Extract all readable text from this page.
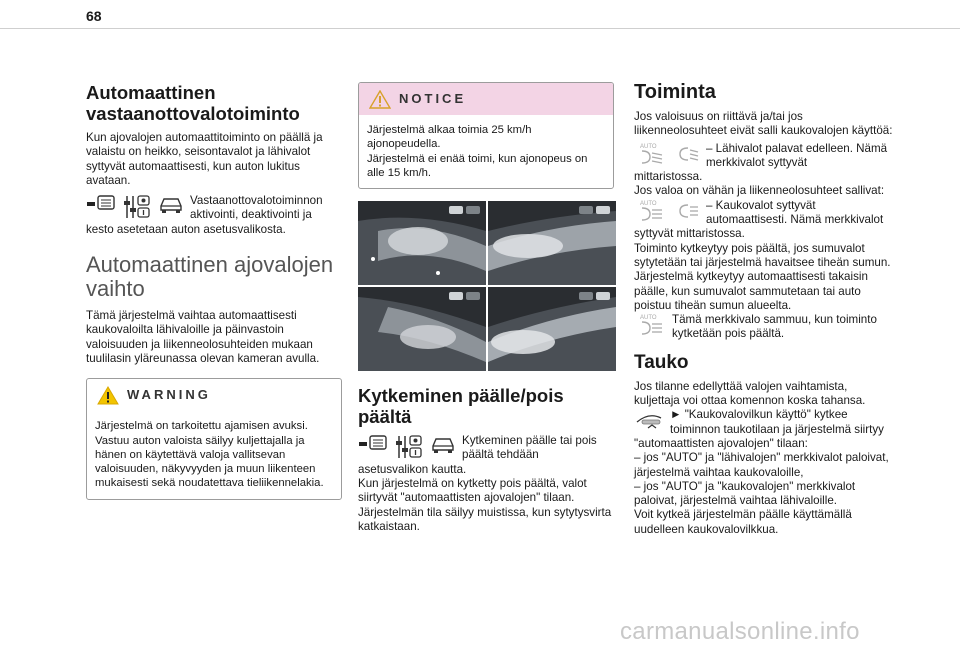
68
Automaattinen vastaanottovalotoiminto

Kun ajovalojen automaattitoiminto on päällä ja valaistu on heikko, seisontavalot ja lähivalot syttyvät automaattisesti, kun auton lukitus avataan.

Vastaanottovalotoiminnon aktivointi, deaktivointi ja

kesto asetetaan auton asetusvalikosta.

Automaattinen ajovalojen vaihto

Tämä järjestelmä vaihtaa automaattisesti kaukovaloilta lähivaloille ja päinvastoin valoisuuden ja liikenneolosuhteiden mukaan tuulilasin yläreunassa olevan kameran avulla.

WARNING
Järjestelmä on tarkoitettu ajamisen avuksi. Vastuu auton valoista säilyy kuljettajalla ja hänen on käytettävä valoja vallitsevan valoisuuden, näkyvyyden ja muun liikenteen mukaisesti sekä noudatettava tieliikennelakia.
NOTICE
Järjestelmä alkaa toimia 25 km/h ajonopeudella.
Järjestelmä ei enää toimi, kun ajonopeus on alle 15 km/h.
Kytkeminen päälle/pois päältä
Kytkeminen päälle tai pois päältä tehdään

asetusvalikon kautta.
Kun järjestelmä on kytketty pois päältä, valot siirtyvät "automaattisten ajovalojen" tilaan.
Järjestelmän tila säilyy muistissa, kun sytytysvirta katkaistaan.

Toiminta

Jos valoisuus on riittävä ja/tai jos liikenneolosuhteet eivät salli kaukovalojen käyttöä:

AUTO	– Lähivalot palavat edelleen. Nämä merkkivalot syttyvät

mittaristossa.
Jos valoa on vähän ja liikenneolosuhteet sallivat:

AUTO	– Kaukovalot syttyvät automaattisesti. Nämä merkkivalot

syttyvät mittaristossa.
Toiminto kytkeytyy pois päältä, jos sumuvalot sytytetään tai järjestelmä havaitsee tiheän sumun.
Järjestelmä kytkeytyy automaattisesti takaisin päälle, kun sumuvalot sammutetaan tai auto poistuu tiheän sumun alueelta.

AUTO Tämä merkkivalo sammuu, kun toiminto kytketään pois päältä.
Tauko

Jos tilanne edellyttää valojen vaihtamista, kuljettaja voi ottaa komennon koska tahansa.

► "Kaukovalovilkun käyttö" kytkee toiminnon taukotilaan ja järjestelmä siirtyy

"automaattisten ajovalojen" tilaan:
– jos "AUTO" ja "lähivalojen" merkkivalot paloivat, järjestelmä vaihtaa kaukovaloille,
– jos "AUTO" ja "kaukovalojen" merkkivalot paloivat, järjestelmä vaihtaa lähivaloille.
Voit kytkeä järjestelmän päälle käyttämällä uudelleen kaukovalovilkkua.

carmanualsonline.info
